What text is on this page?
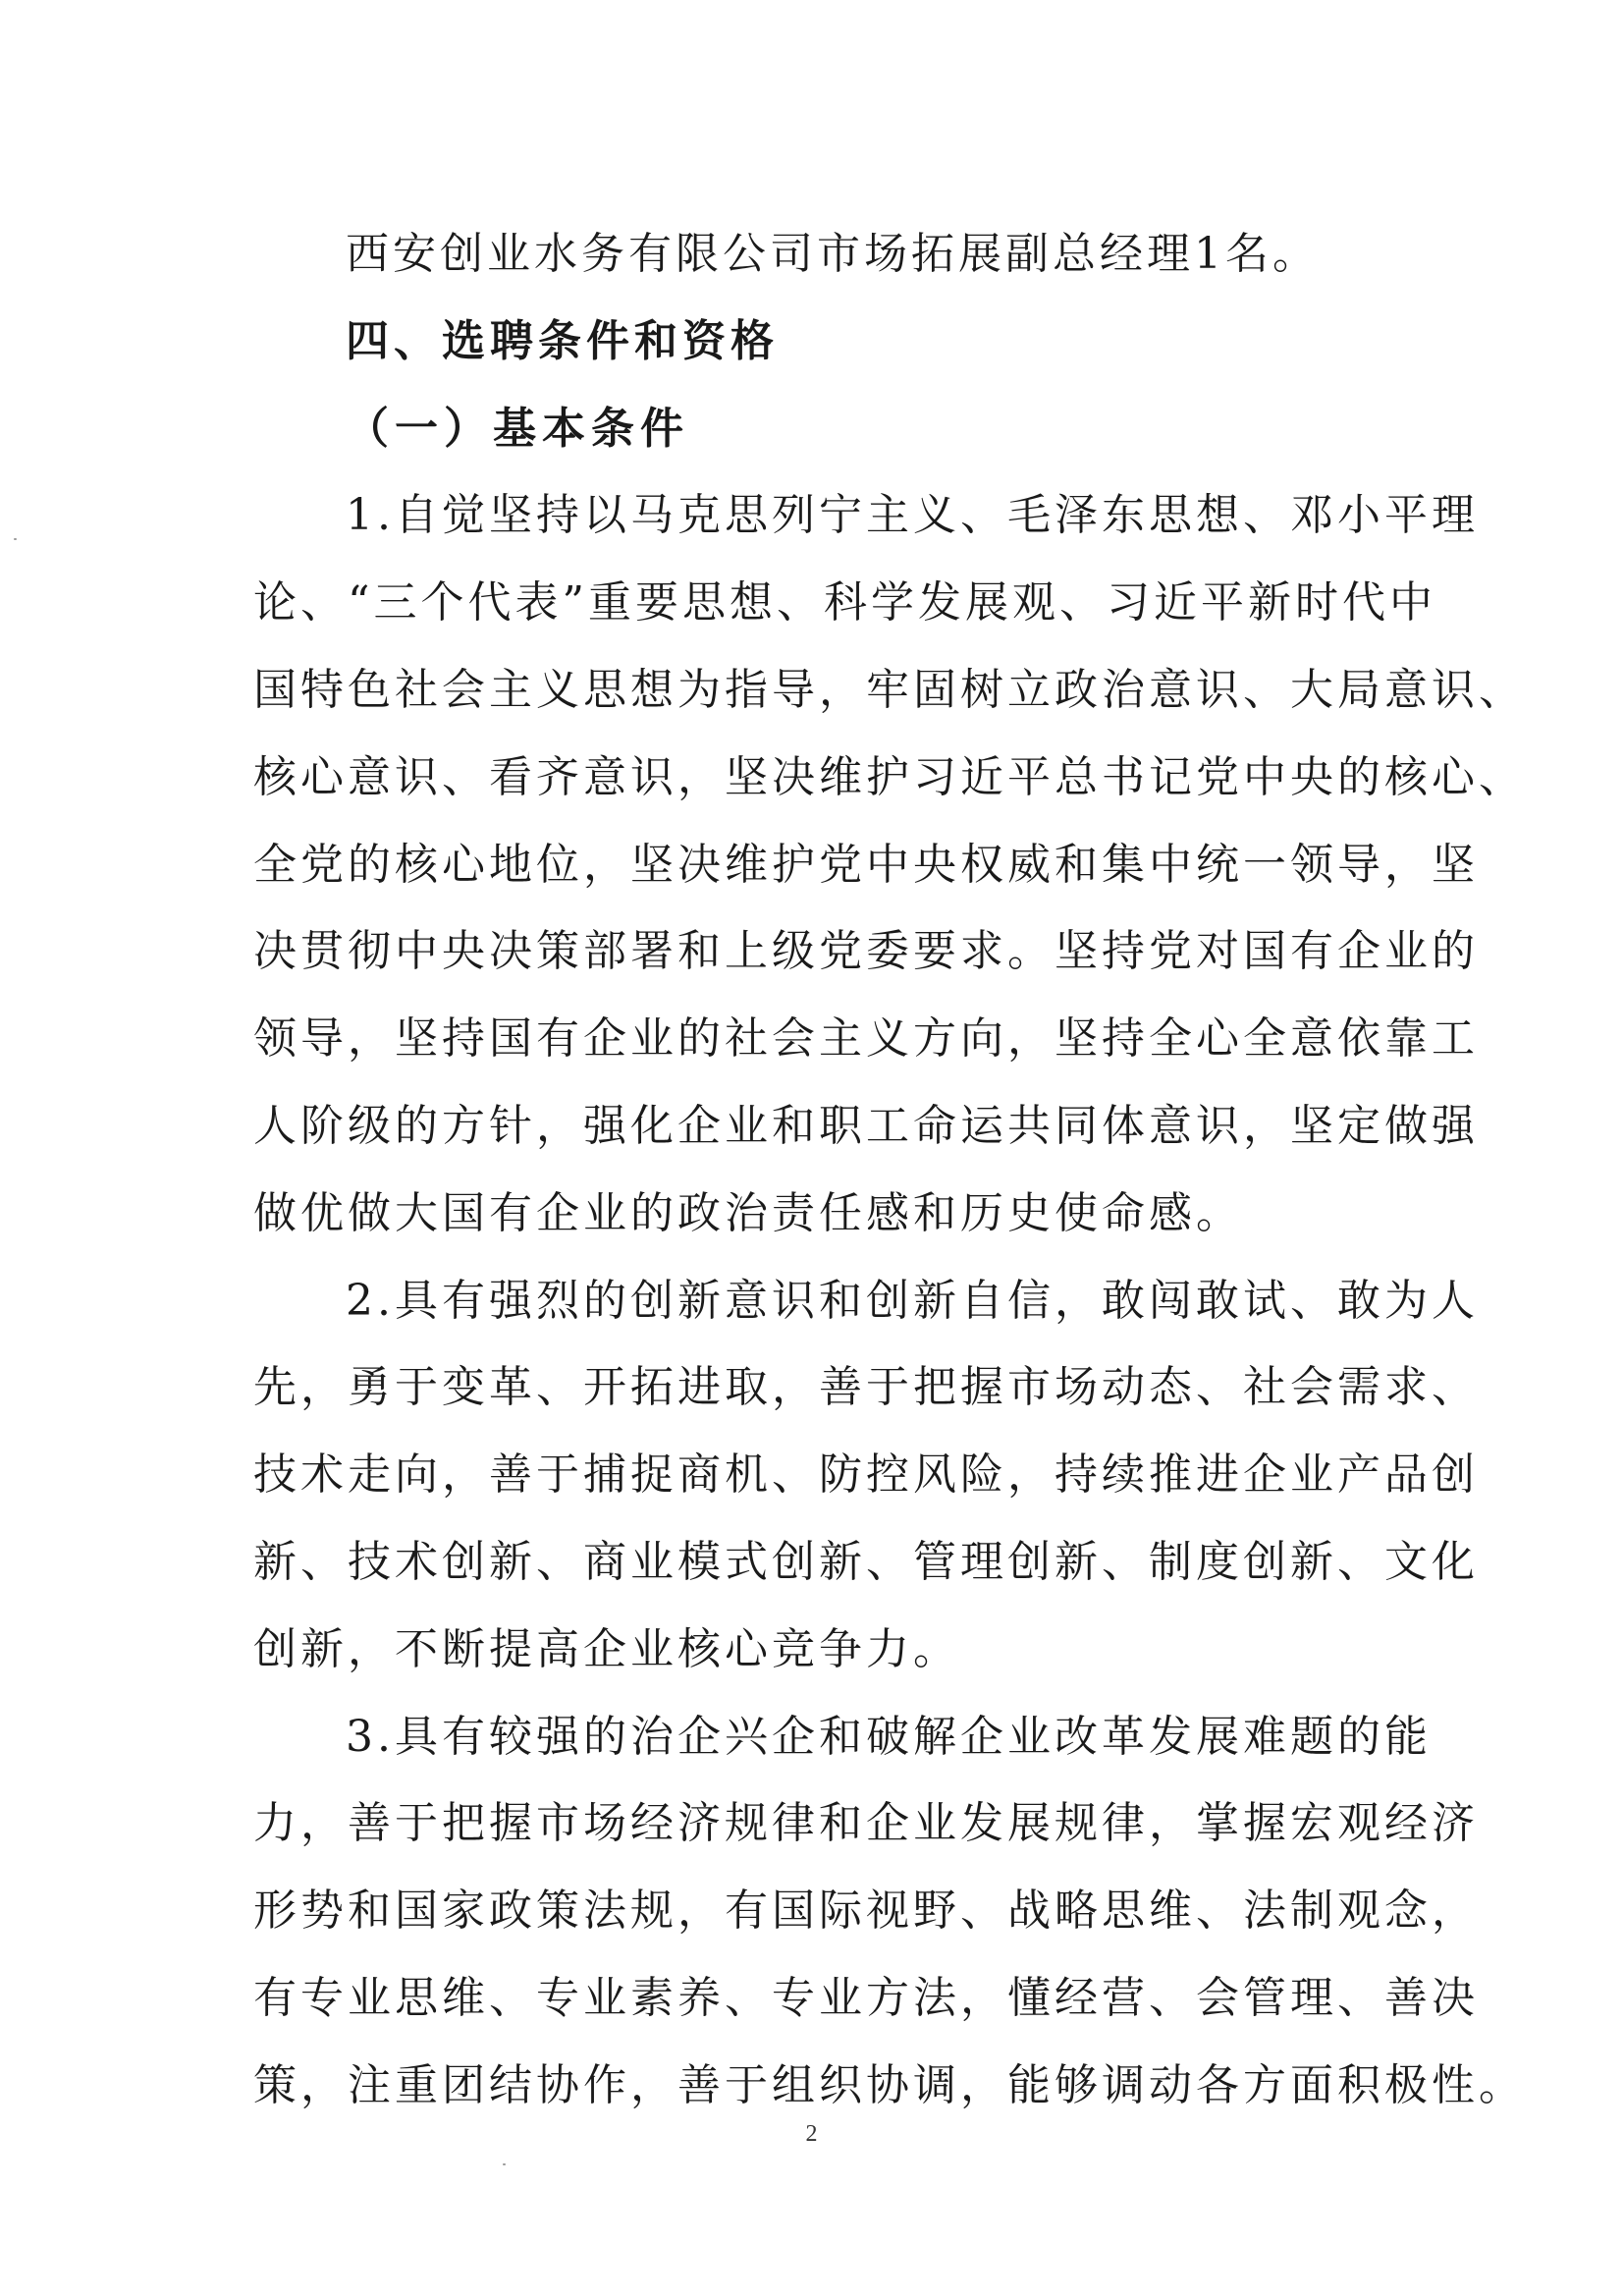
西安创业水务有限公司市场拓展副总经理1名。
四、选聘条件和资格
（一）基本条件
1.自觉坚持以马克思列宁主义、毛泽东思想、邓小平理
论、“三个代表”重要思想、科学发展观、习近平新时代中
国特色社会主义思想为指导，牢固树立政治意识、大局意识、
核心意识、看齐意识，坚决维护习近平总书记党中央的核心、
全党的核心地位，坚决维护党中央权威和集中统一领导，坚
决贯彻中央决策部署和上级党委要求。坚持党对国有企业的
领导，坚持国有企业的社会主义方向，坚持全心全意依靠工
人阶级的方针，强化企业和职工命运共同体意识，坚定做强
做优做大国有企业的政治责任感和历史使命感。
2.具有强烈的创新意识和创新自信，敢闯敢试、敢为人
先，勇于变革、开拓进取，善于把握市场动态、社会需求、
技术走向，善于捕捉商机、防控风险，持续推进企业产品创
新、技术创新、商业模式创新、管理创新、制度创新、文化
创新，不断提高企业核心竞争力。
3.具有较强的治企兴企和破解企业改革发展难题的能
力，善于把握市场经济规律和企业发展规律，掌握宏观经济
形势和国家政策法规，有国际视野、战略思维、法制观念，
有专业思维、专业素养、专业方法，懂经营、会管理、善决
策，注重团结协作，善于组织协调，能够调动各方面积极性。
2
